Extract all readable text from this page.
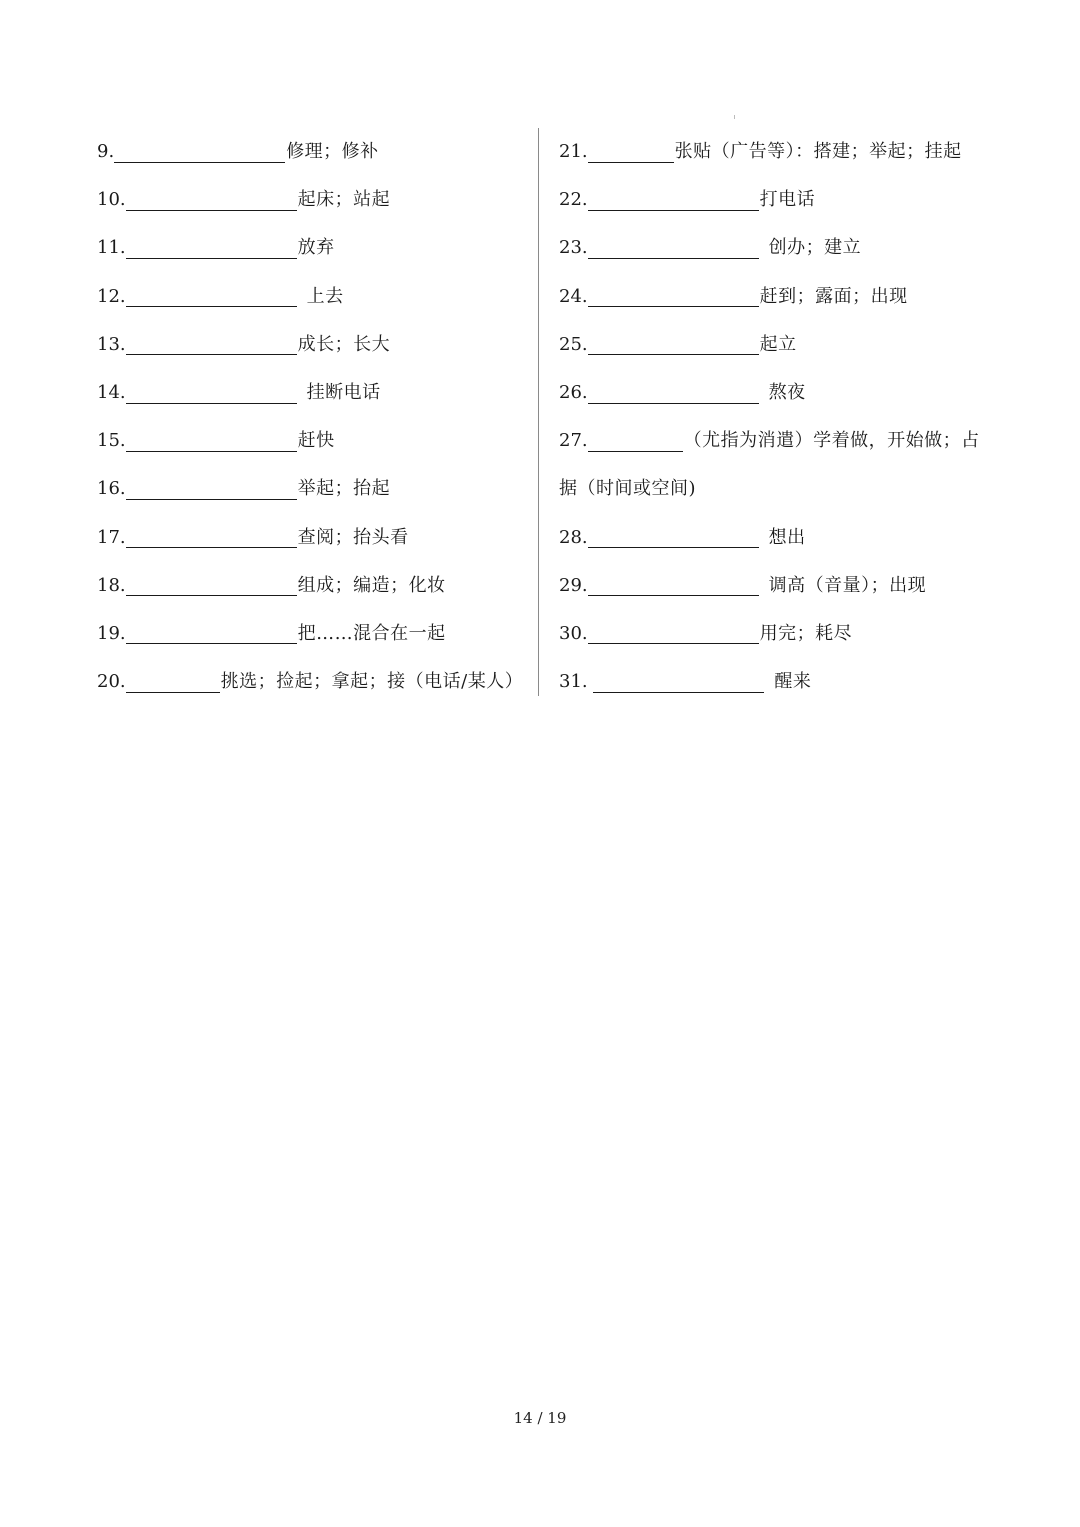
9.	修理；修补
10.	起床；站起
11.	放弃
12.	上去
13.	成长；长大
14.	挂断电话
15.	赶快
16.	举起；抬起
17.	查阅；抬头看
18.	组成；编造；化妆
19.	把……混合在一起
20.	挑选；捡起；拿起；接（电话/某人）
21.	张贴（广告等）：搭建；举起；挂起
22.	打电话
23.	创办；建立
24.	赶到；露面；出现
25.	起立
26.	熬夜
27.	（尤指为消遣）学着做，开始做；占
据（时间或空间)
28.	想出
29.	调高（音量）；出现
30.	用完；耗尽
31.	醒来
14 / 19
